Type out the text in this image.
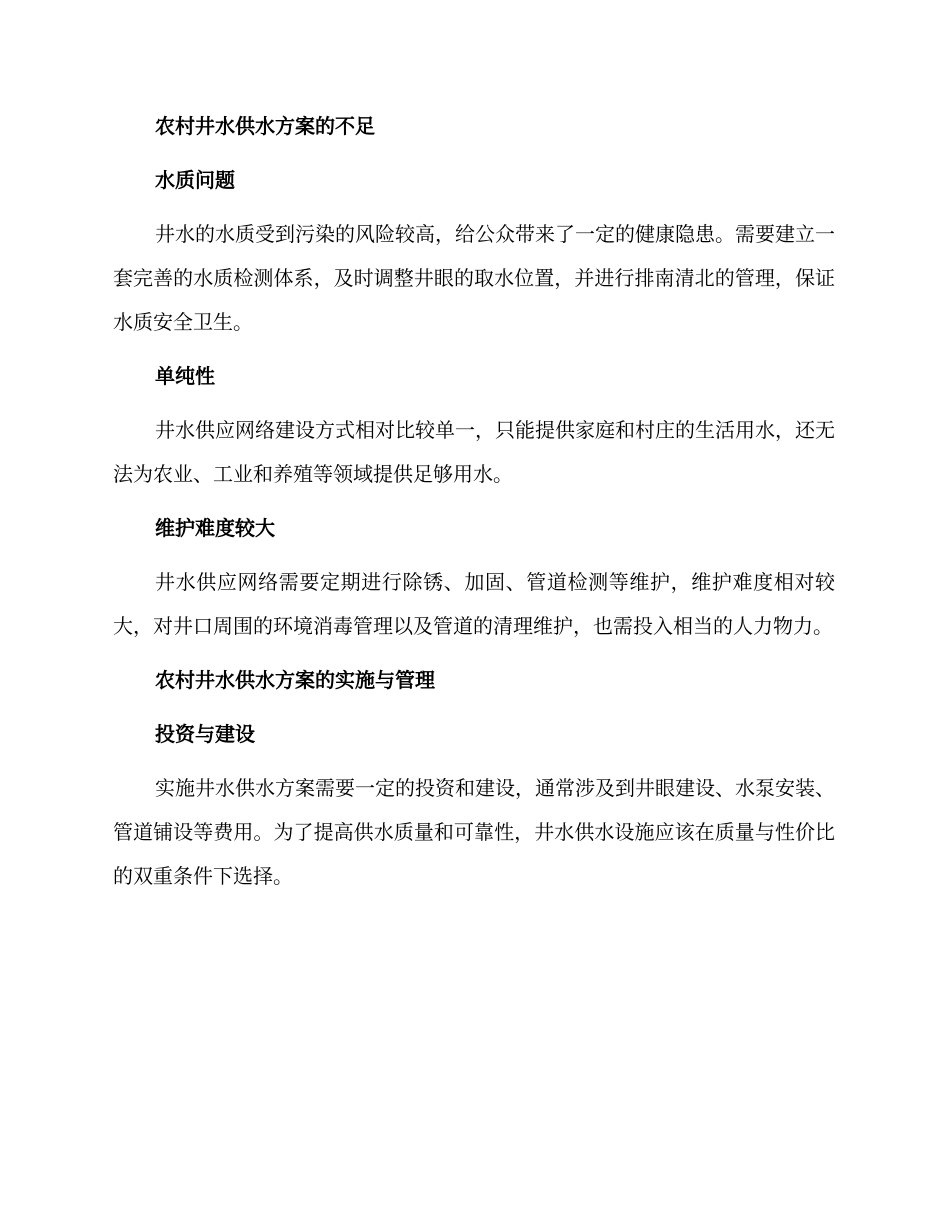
农村井水供水方案的不足
水质问题

井水的水质受到污染的风险较高，给公众带来了一定的健康隐患。需要建立一套完善的水质检测体系，及时调整井眼的取水位置，并进行排南清北的管理，保证水质安全卫生。

单纯性

井水供应网络建设方式相对比较单一，只能提供家庭和村庄的生活用水，还无法为农业、工业和养殖等领域提供足够用水。

维护难度较大

井水供应网络需要定期进行除锈、加固、管道检测等维护，维护难度相对较大，对井口周围的环境消毒管理以及管道的清理维护，也需投入相当的人力物力。

农村井水供水方案的实施与管理
投资与建设

实施井水供水方案需要一定的投资和建设，通常涉及到井眼建设、水泵安装、管道铺设等费用。为了提高供水质量和可靠性，井水供水设施应该在质量与性价比的双重条件下选择。
